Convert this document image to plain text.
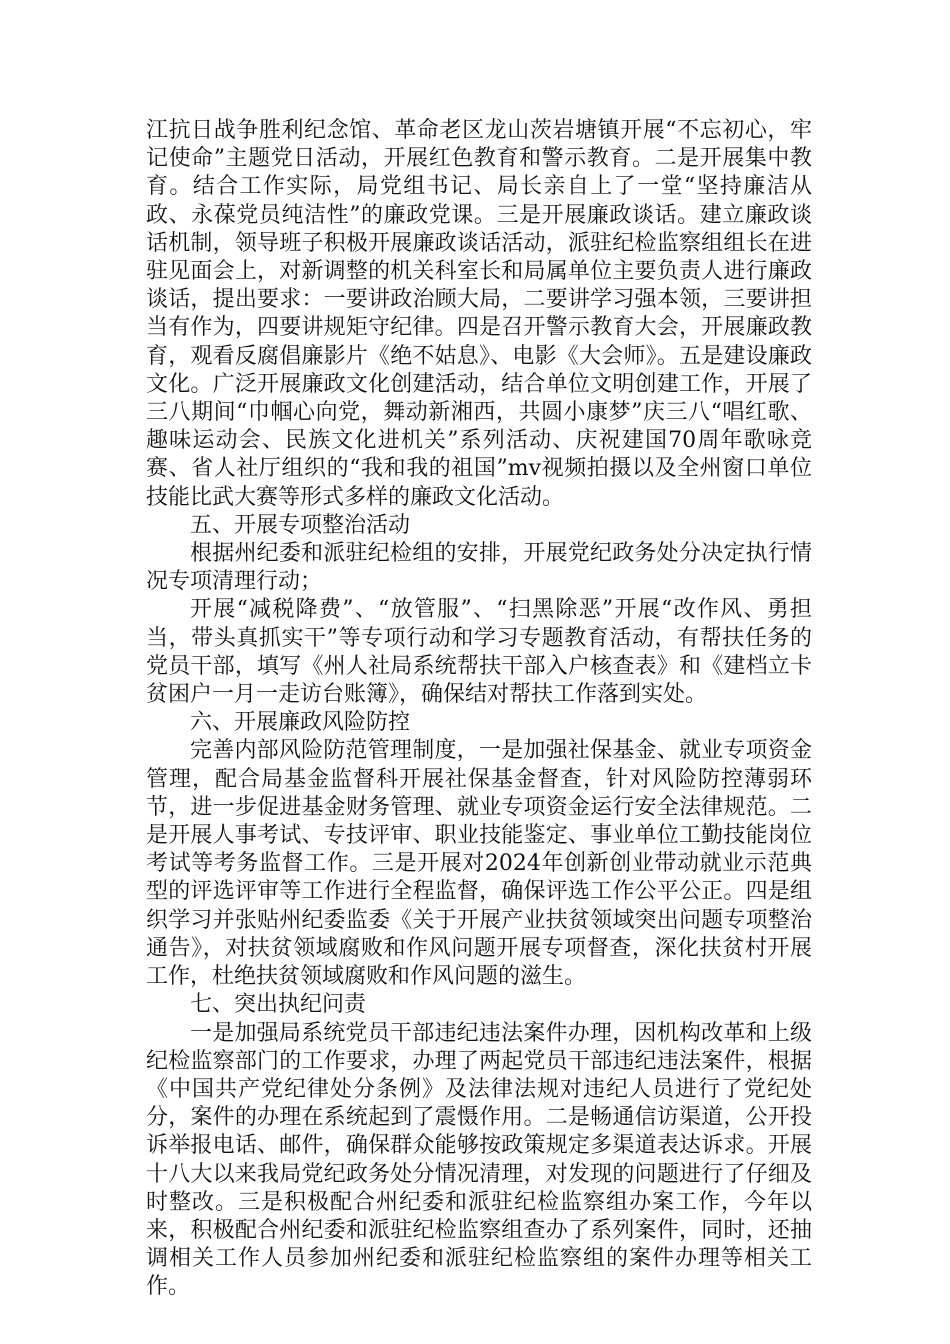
江抗日战争胜利纪念馆、革命老区龙山茨岩塘镇开展“不忘初心，牢记使命”主题党日活动，开展红色教育和警示教育。二是开展集中教育。结合工作实际，局党组书记、局长亲自上了一堂“坚持廉洁从政、永葆党员纯洁性”的廉政党课。三是开展廉政谈话。建立廉政谈话机制，领导班子积极开展廉政谈话活动，派驻纪检监察组组长在进驻见面会上，对新调整的机关科室长和局属单位主要负责人进行廉政谈话，提出要求：一要讲政治顾大局，二要讲学习强本领，三要讲担当有作为，四要讲规矩守纪律。四是召开警示教育大会，开展廉政教育，观看反腐倡廉影片《绝不姑息》、电影《大会师》。五是建设廉政文化。广泛开展廉政文化创建活动，结合单位文明创建工作，开展了三八期间“巾帼心向党，舞动新湘西，共圆小康梦”庆三八“唱红歌、趣味运动会、民族文化进机关”系列活动、庆祝建国70周年歌咏竞赛、省人社厅组织的“我和我的祖国”mv视频拍摄以及全州窗口单位技能比武大赛等形式多样的廉政文化活动。

五、开展专项整治活动

根据州纪委和派驻纪检组的安排，开展党纪政务处分决定执行情况专项清理行动；

开展“减税降费”、“放管服”、“扫黑除恶”开展“改作风、勇担当，带头真抓实干”等专项行动和学习专题教育活动，有帮扶任务的党员干部，填写《州人社局系统帮扶干部入户核查表》和《建档立卡贫困户一月一走访台账簿》，确保结对帮扶工作落到实处。

六、开展廉政风险防控

完善内部风险防范管理制度，一是加强社保基金、就业专项资金管理，配合局基金监督科开展社保基金督查，针对风险防控薄弱环节，进一步促进基金财务管理、就业专项资金运行安全法律规范。二是开展人事考试、专技评审、职业技能鉴定、事业单位工勤技能岗位考试等考务监督工作。三是开展对2024年创新创业带动就业示范典型的评选评审等工作进行全程监督，确保评选工作公平公正。四是组织学习并张贴州纪委监委《关于开展产业扶贫领域突出问题专项整治通告》，对扶贫领域腐败和作风问题开展专项督查，深化扶贫村开展工作，杜绝扶贫领域腐败和作风问题的滋生。

七、突出执纪问责

一是加强局系统党员干部违纪违法案件办理，因机构改革和上级纪检监察部门的工作要求，办理了两起党员干部违纪违法案件，根据《中国共产党纪律处分条例》及法律法规对违纪人员进行了党纪处分，案件的办理在系统起到了震慑作用。二是畅通信访渠道，公开投诉举报电话、邮件，确保群众能够按政策规定多渠道表达诉求。开展十八大以来我局党纪政务处分情况清理，对发现的问题进行了仔细及时整改。三是积极配合州纪委和派驻纪检监察组办案工作，今年以来，积极配合州纪委和派驻纪检监察组查办了系列案件，同时，还抽调相关工作人员参加州纪委和派驻纪检监察组的案件办理等相关工作。
